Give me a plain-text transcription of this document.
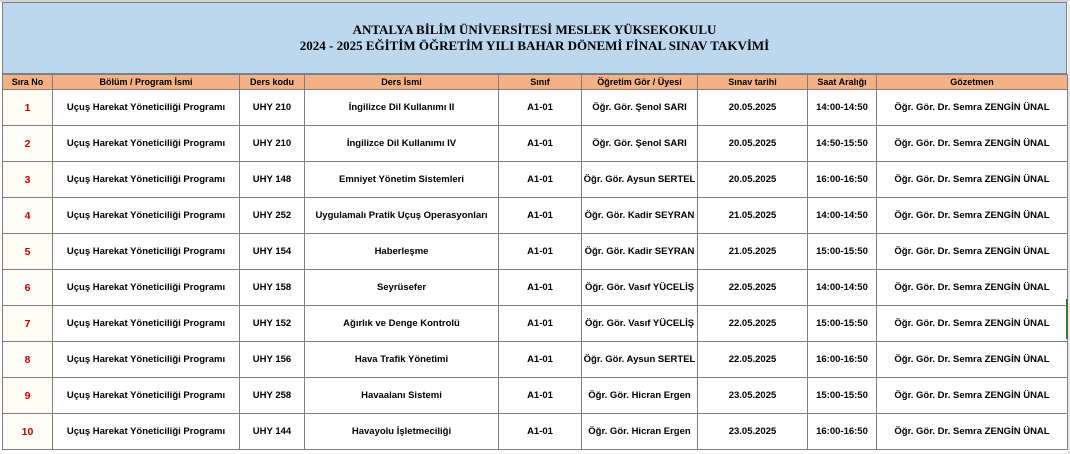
ANTALYA BİLİM ÜNİVERSİTESİ MESLEK YÜKSEKOKULU
2024 - 2025 EĞİTİM ÖĞRETİM YILI BAHAR DÖNEMİ FİNAL SINAV TAKVİMİ
Sıra No	Bölüm / Program İsmi	Ders kodu	Ders İsmi	Sınıf	Öğretim Gör / Üyesi	Sınav tarihi	Saat Aralığı	Gözetmen
1	Uçuş Harekat Yöneticiliği Programı	UHY 210	İngilizce Dil Kullanımı II	A1-01	Öğr. Gör. Şenol SARI	20.05.2025	14:00-14:50	Öğr. Gör. Dr. Semra ZENGİN ÜNAL
2	Uçuş Harekat Yöneticiliği Programı	UHY 210	İngilizce Dil Kullanımı IV	A1-01	Öğr. Gör. Şenol SARI	20.05.2025	14:50-15:50	Öğr. Gör. Dr. Semra ZENGİN ÜNAL
3	Uçuş Harekat Yöneticiliği Programı	UHY 148	Emniyet Yönetim Sistemleri	A1-01	Öğr. Gör. Aysun SERTEL	20.05.2025	16:00-16:50	Öğr. Gör. Dr. Semra ZENGİN ÜNAL
4	Uçuş Harekat Yöneticiliği Programı	UHY 252	Uygulamalı Pratik Uçuş Operasyonları	A1-01	Öğr. Gör. Kadir SEYRAN	21.05.2025	14:00-14:50	Öğr. Gör. Dr. Semra ZENGİN ÜNAL
5	Uçuş Harekat Yöneticiliği Programı	UHY 154	Haberleşme	A1-01	Öğr. Gör. Kadir SEYRAN	21.05.2025	15:00-15:50	Öğr. Gör. Dr. Semra ZENGİN ÜNAL
6	Uçuş Harekat Yöneticiliği Programı	UHY 158	Seyrüsefer	A1-01	Öğr. Gör. Vasıf YÜCELİŞ	22.05.2025	14:00-14:50	Öğr. Gör. Dr. Semra ZENGİN ÜNAL
7	Uçuş Harekat Yöneticiliği Programı	UHY 152	Ağırlık ve Denge Kontrolü	A1-01	Öğr. Gör. Vasıf YÜCELİŞ	22.05.2025	15:00-15:50	Öğr. Gör. Dr. Semra ZENGİN ÜNAL
8	Uçuş Harekat Yöneticiliği Programı	UHY 156	Hava Trafik Yönetimi	A1-01	Öğr. Gör. Aysun SERTEL	22.05.2025	16:00-16:50	Öğr. Gör. Dr. Semra ZENGİN ÜNAL
9	Uçuş Harekat Yöneticiliği Programı	UHY 258	Havaalanı Sistemi	A1-01	Öğr. Gör. Hicran Ergen	23.05.2025	15:00-15:50	Öğr. Gör. Dr. Semra ZENGİN ÜNAL
10	Uçuş Harekat Yöneticiliği Programı	UHY 144	Havayolu İşletmeciliği	A1-01	Öğr. Gör. Hicran Ergen	23.05.2025	16:00-16:50	Öğr. Gör. Dr. Semra ZENGİN ÜNAL
